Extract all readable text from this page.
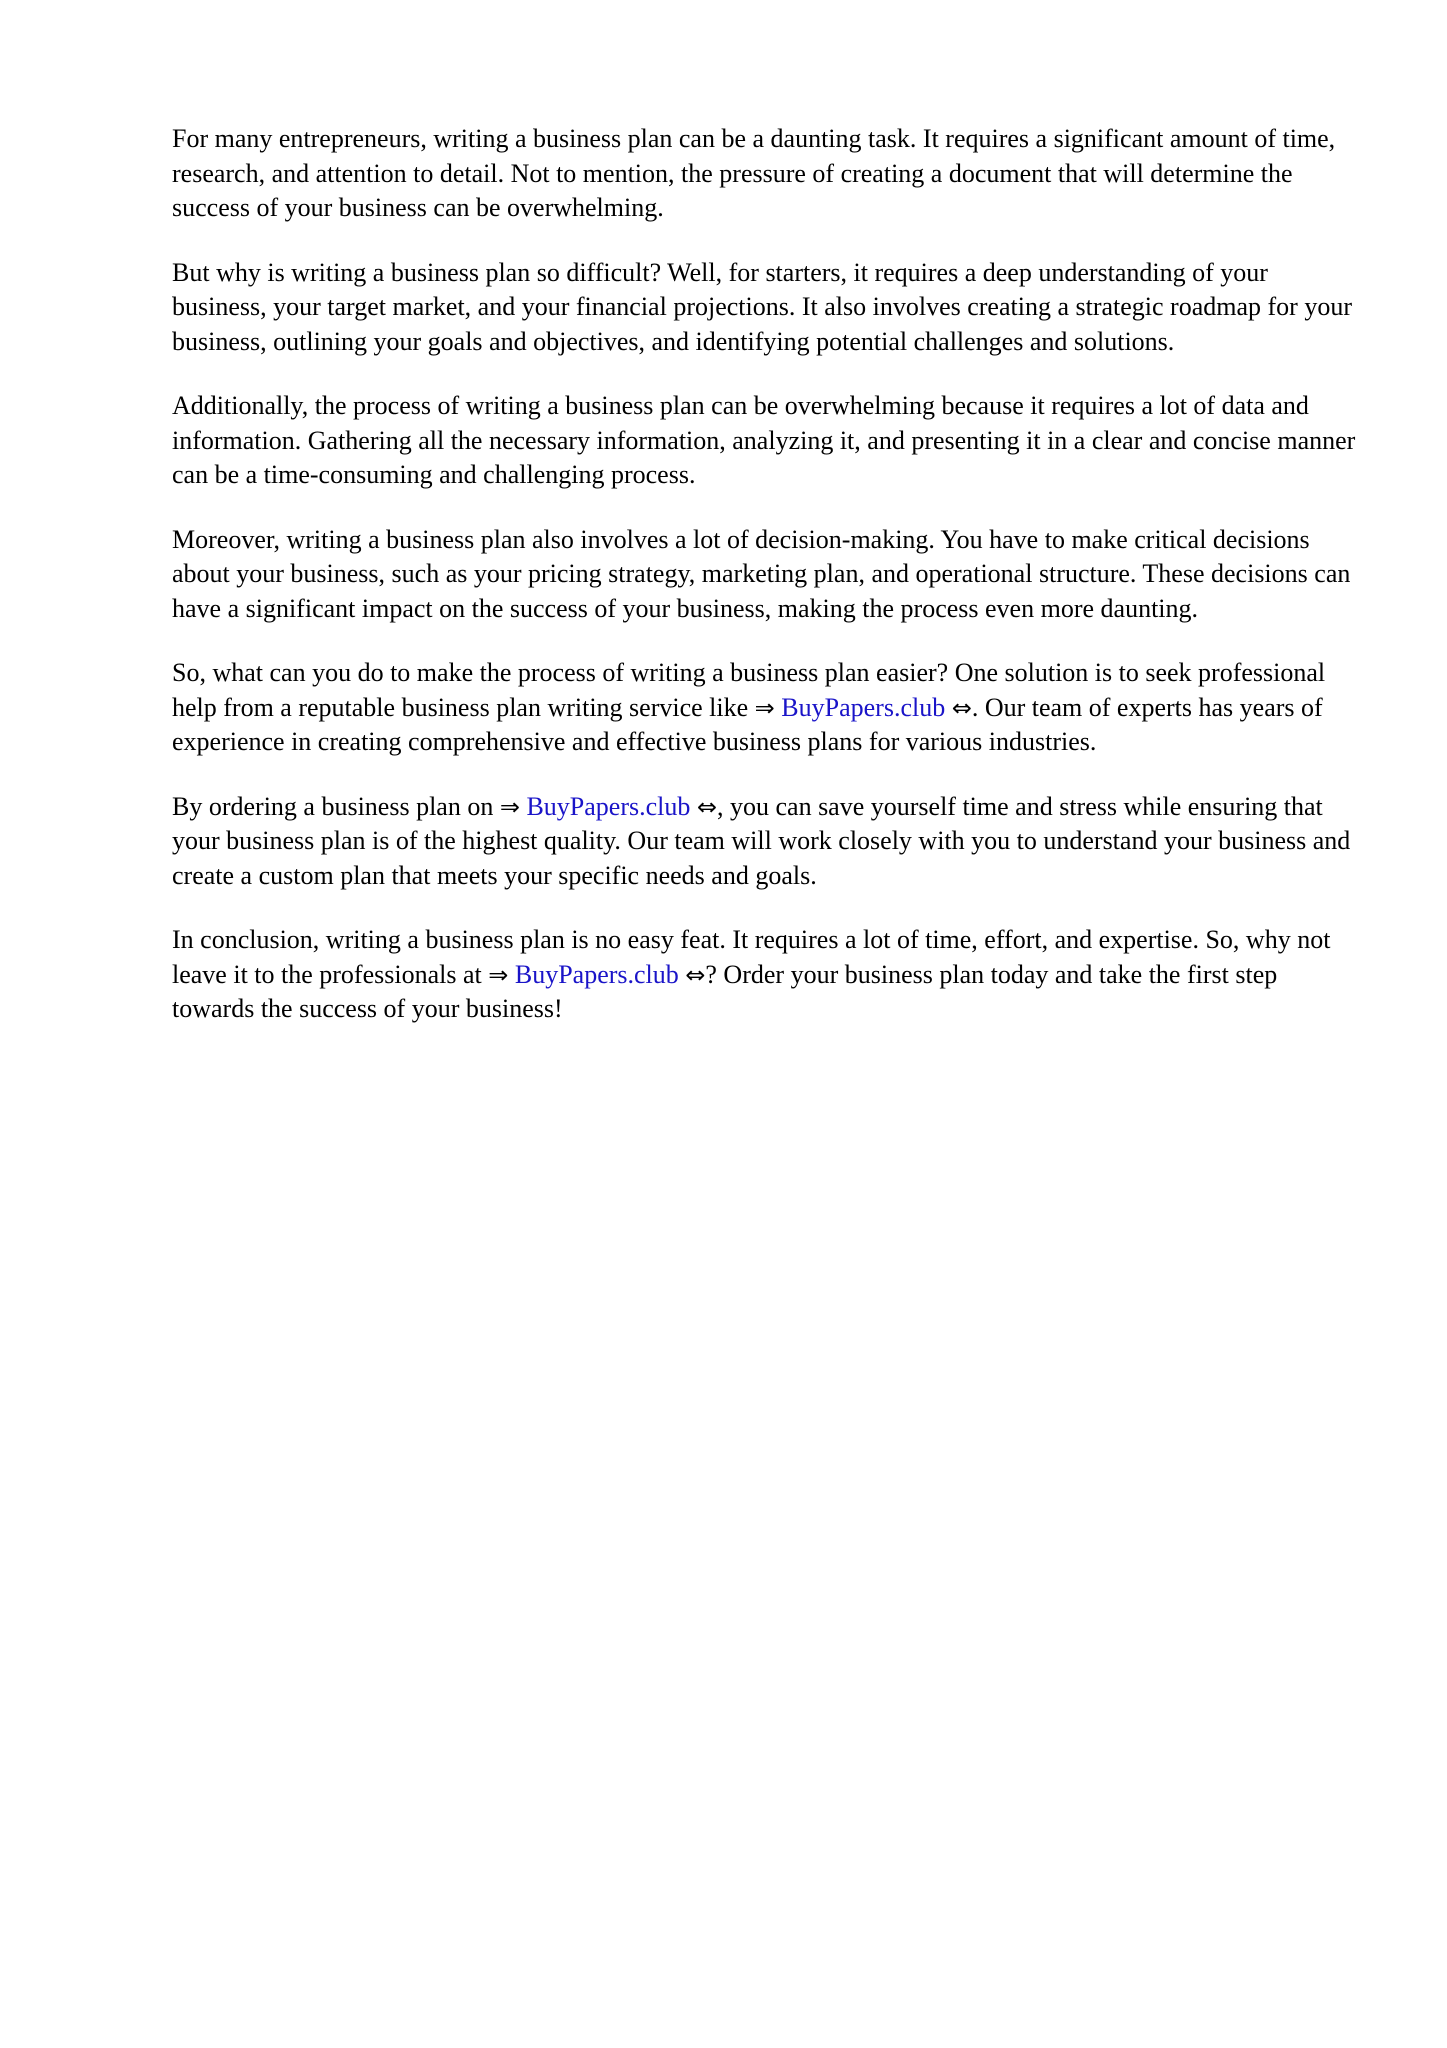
For many entrepreneurs, writing a business plan can be a daunting task. It requires a significant amount of time, research, and attention to detail. Not to mention, the pressure of creating a document that will determine the success of your business can be overwhelming.

But why is writing a business plan so difficult? Well, for starters, it requires a deep understanding of your business, your target market, and your financial projections. It also involves creating a strategic roadmap for your business, outlining your goals and objectives, and identifying potential challenges and solutions.

Additionally, the process of writing a business plan can be overwhelming because it requires a lot of data and information. Gathering all the necessary information, analyzing it, and presenting it in a clear and concise manner can be a time-consuming and challenging process.

Moreover, writing a business plan also involves a lot of decision-making. You have to make critical decisions about your business, such as your pricing strategy, marketing plan, and operational structure. These decisions can have a significant impact on the success of your business, making the process even more daunting.

So, what can you do to make the process of writing a business plan easier? One solution is to seek professional help from a reputable business plan writing service like ⇒ BuyPapers.club ⇔. Our team of experts has years of experience in creating comprehensive and effective business plans for various industries.

By ordering a business plan on ⇒ BuyPapers.club ⇔, you can save yourself time and stress while ensuring that your business plan is of the highest quality. Our team will work closely with you to understand your business and create a custom plan that meets your specific needs and goals.

In conclusion, writing a business plan is no easy feat. It requires a lot of time, effort, and expertise. So, why not leave it to the professionals at ⇒ BuyPapers.club ⇔? Order your business plan today and take the first step towards the success of your business!
